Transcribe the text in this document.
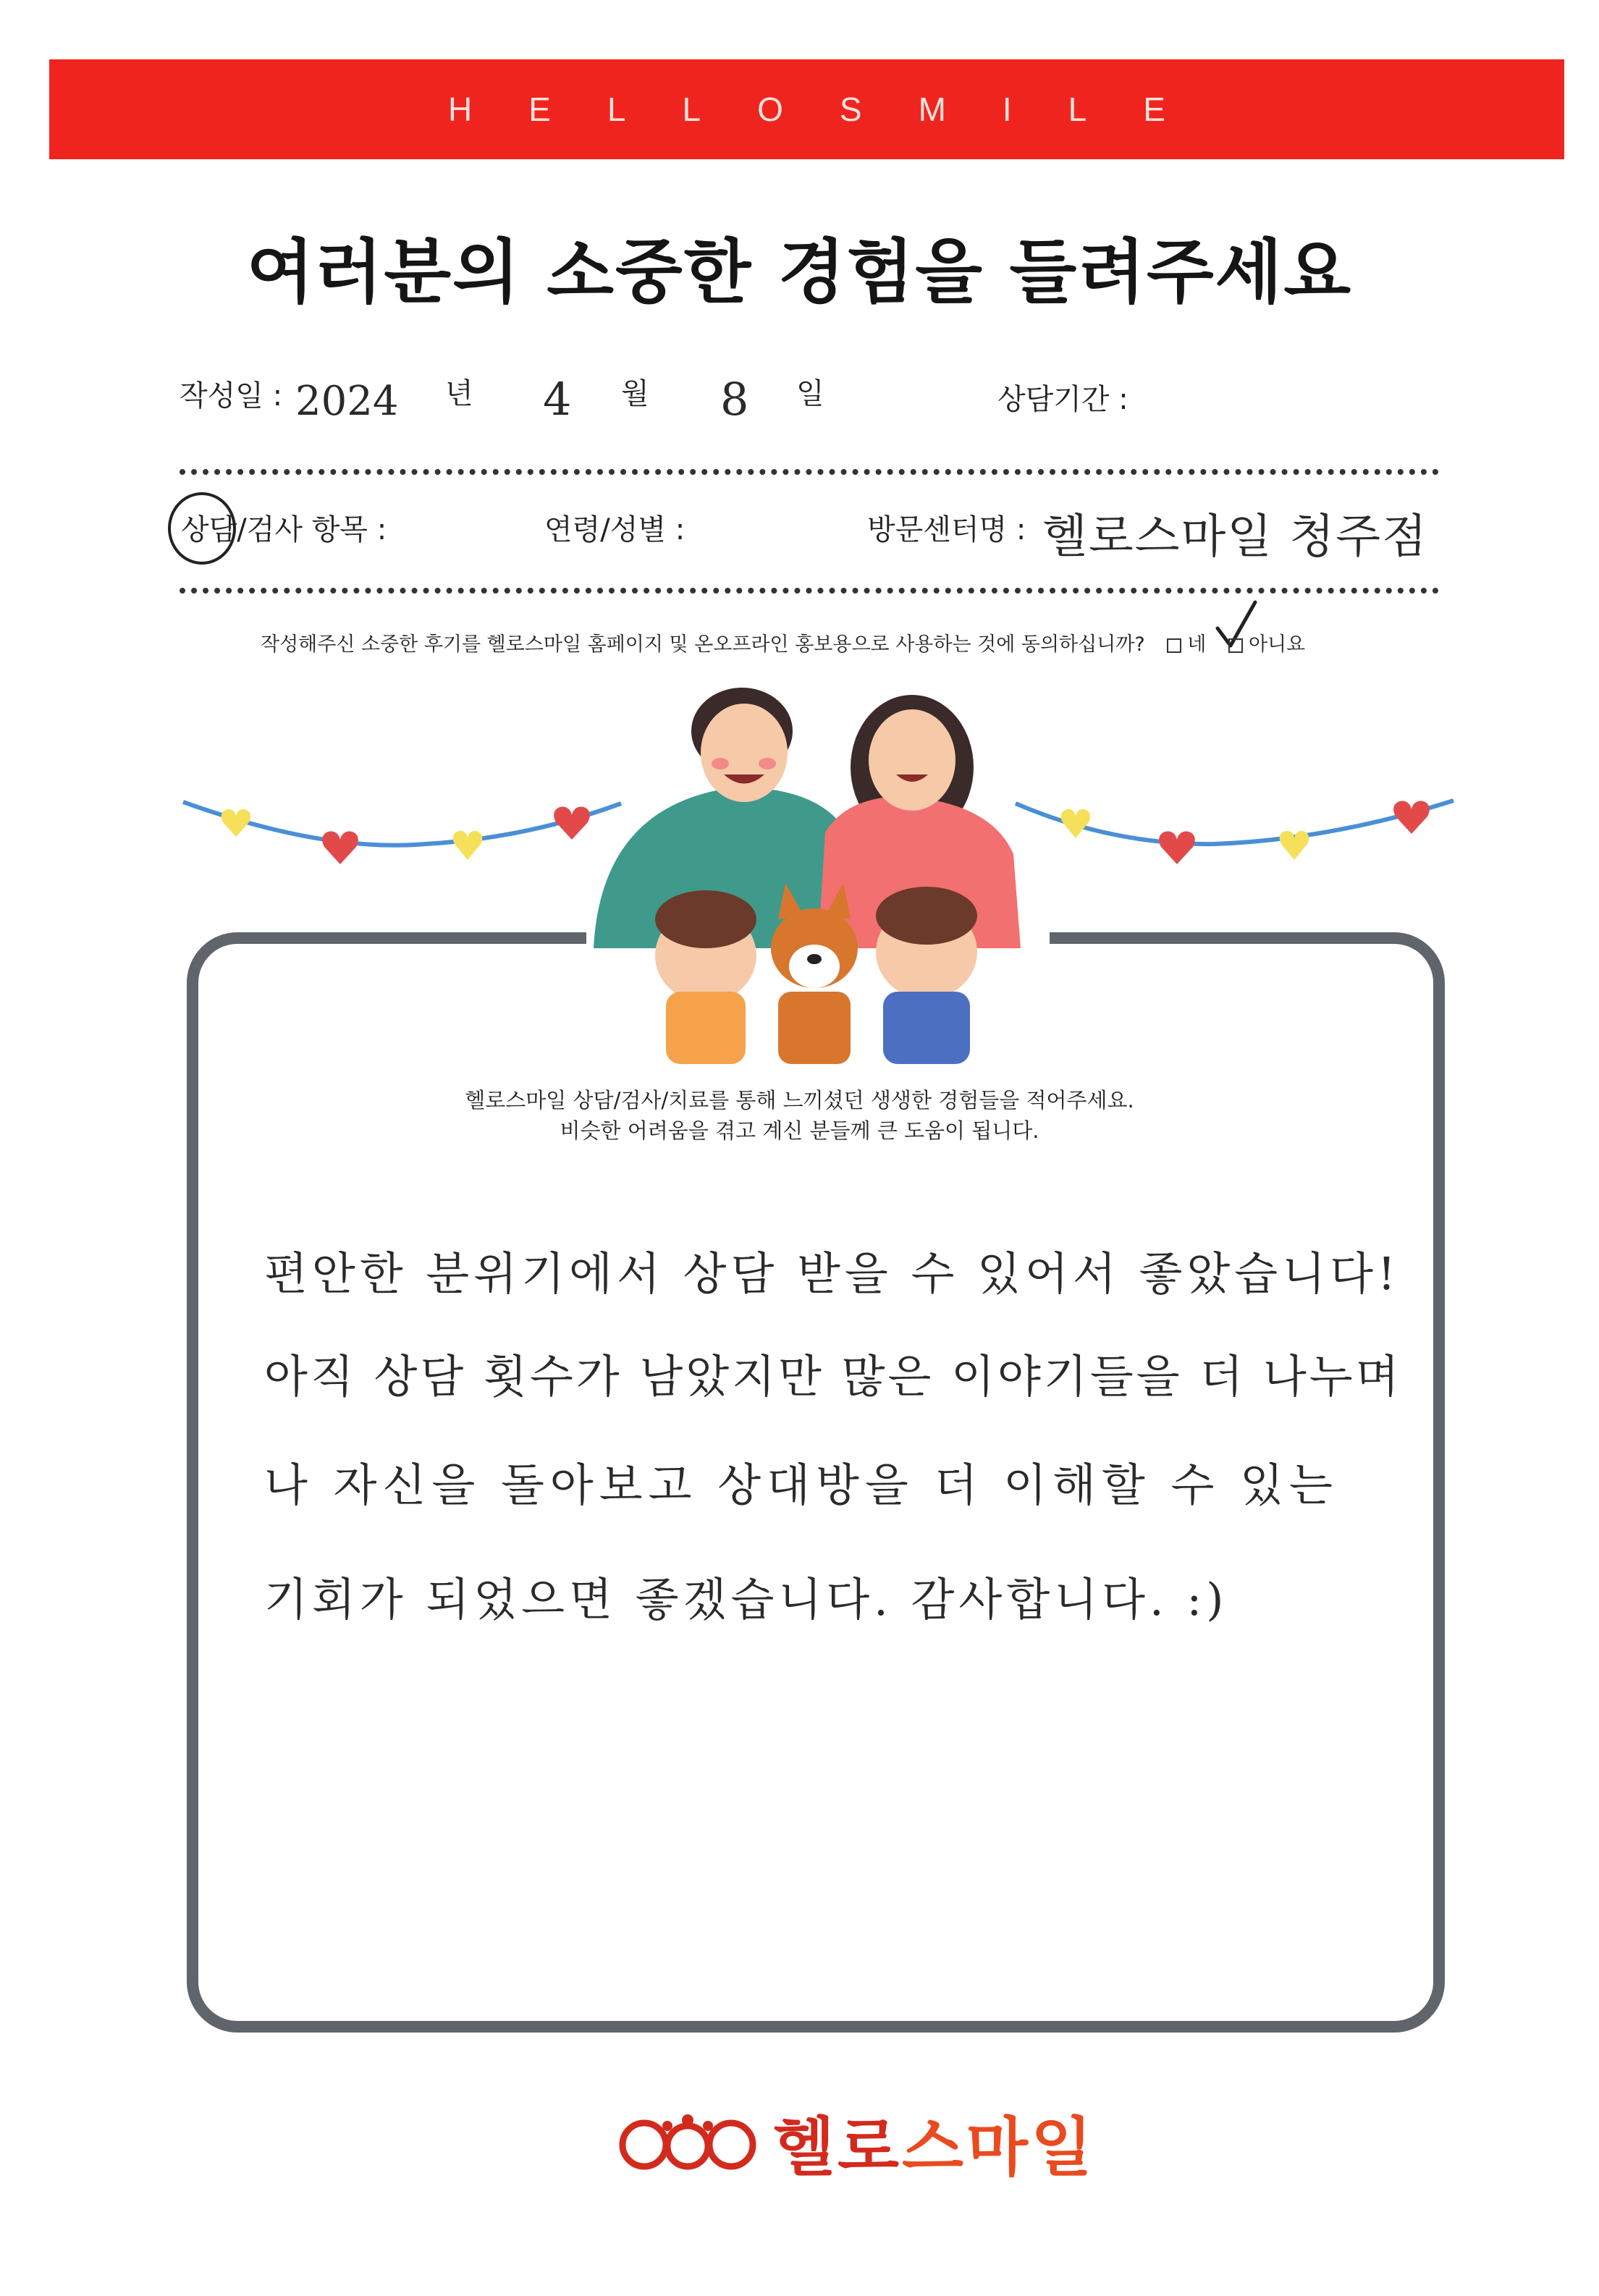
HELLOSMILE
여러분의 소중한 경험을 들려주세요
작성일 : 2024 년 4 월 8 일	상담기간 :
상담/검사 항목 :	연령/성별 :	방문센터명 : 헬로스마일 청주점
작성해주신 소중한 후기를 헬로스마일 홈페이지 및 온오프라인 홍보용으로 사용하는 것에 동의하십니까? 네 아니요
헬로스마일 상담/검사/치료를 통해 느끼셨던 생생한 경험들을 적어주세요.
비슷한 어려움을 겪고 계신 분들께 큰 도움이 됩니다.
편안한 분위기에서 상담 받을 수 있어서 좋았습니다!
아직 상담 횟수가 남았지만 많은 이야기들을 더 나누며
나 자신을 돌아보고 상대방을 더 이해할 수 있는
기회가 되었으면 좋겠습니다. 감사합니다. :)
헬로스마일
